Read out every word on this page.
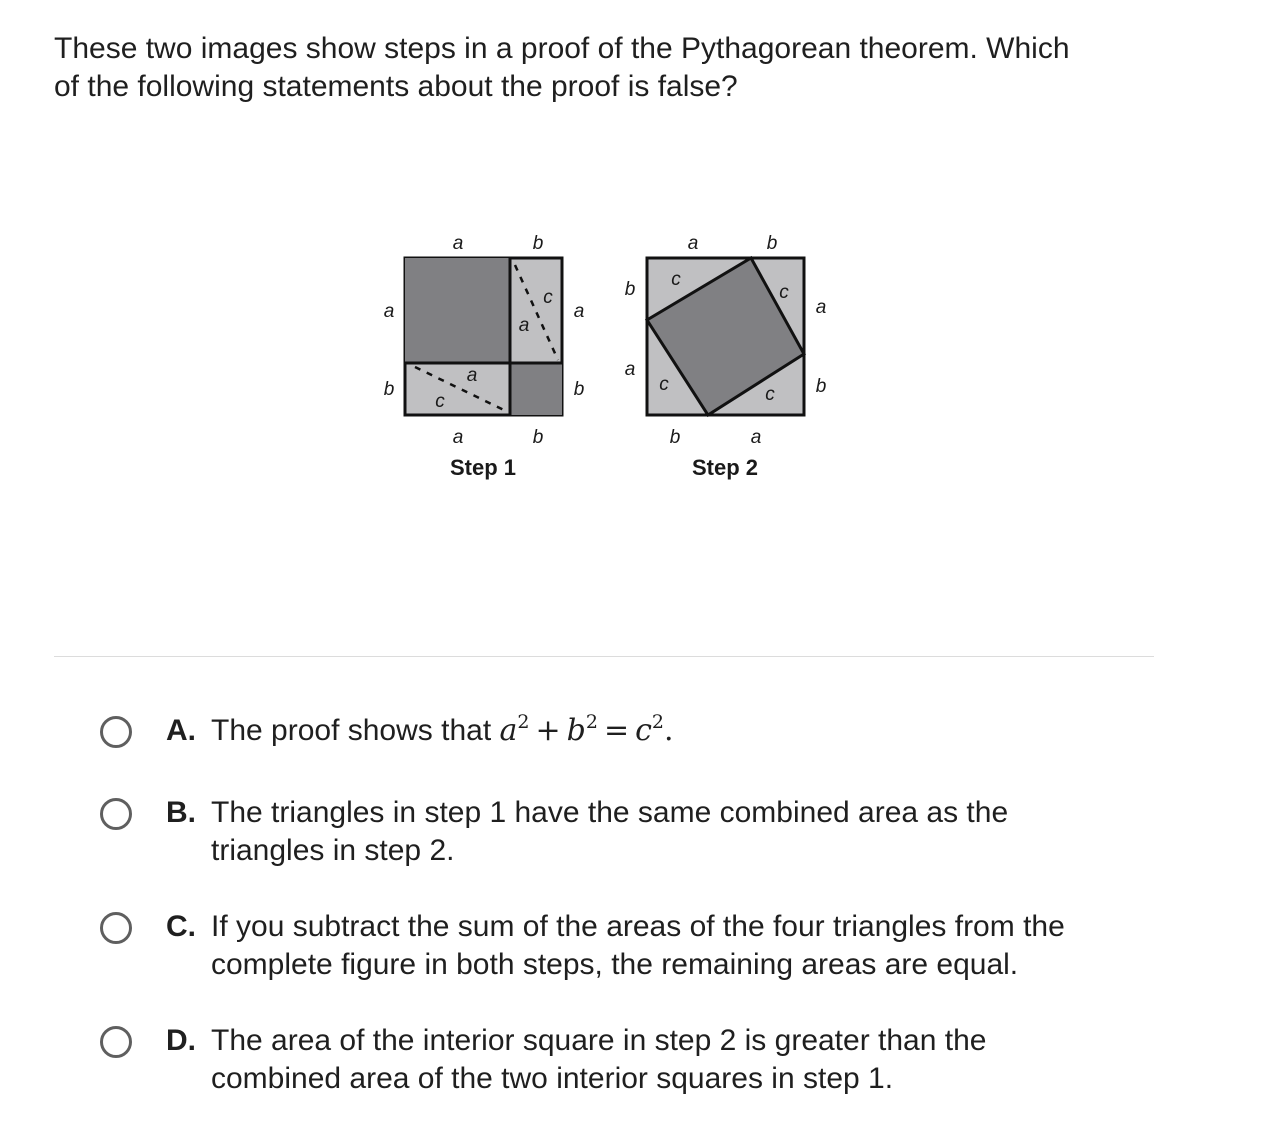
These two images show steps in a proof of the Pythagorean theorem. Which
of the following statements about the proof is false?
a	b
a
b
a
b
a	b
c
a
a
c
Step 1
a	b
b
a
a
b
b	a
c
c
c	c
Step 2
A. The proof shows that $a^2 + b^2 = c^2$.
B. The triangles in step 1 have the same combined area as the
triangles in step 2.
C. If you subtract the sum of the areas of the four triangles from the
complete figure in both steps, the remaining areas are equal.
D. The area of the interior square in step 2 is greater than the
combined area of the two interior squares in step 1.
